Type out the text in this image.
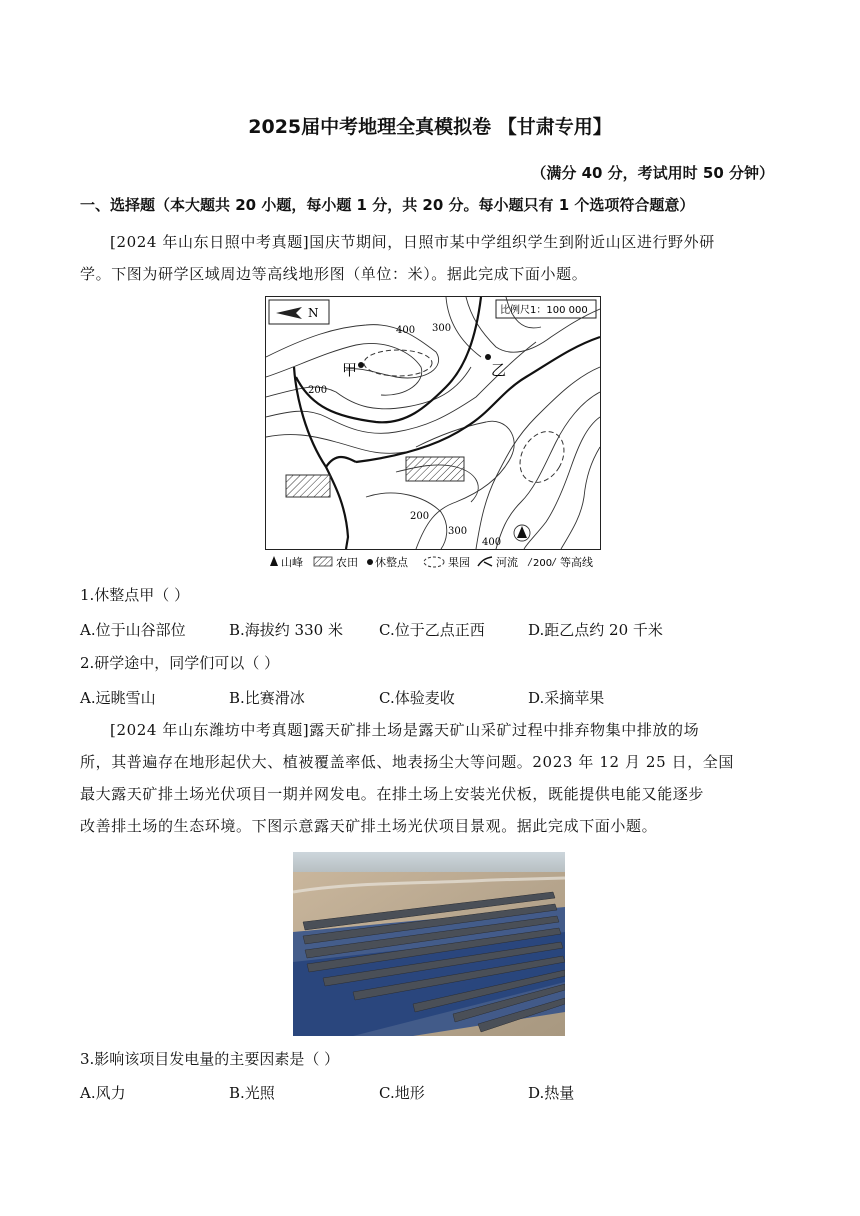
2025届中考地理全真模拟卷 【甘肃专用】
（满分 40 分，考试用时 50 分钟）
一、选择题（本大题共 20 小题，每小题 1 分，共 20 分。每小题只有 1 个选项符合题意）
[2024 年山东日照中考真题]国庆节期间，日照市某中学组织学生到附近山区进行野外研
学。下图为研学区域周边等高线地形图（单位：米）。据此完成下面小题。
N	比例尺1：100 000
甲	乙
400 300
200
200
300
400
山峰	农田 休整点	果园 河流 200 等高线
1.休整点甲（ ）
A.位于山谷部位	B.海拔约 330 米 C.位于乙点正西	D.距乙点约 20 千米
2.研学途中，同学们可以（ ）
A.远眺雪山	B.比赛滑冰	C.体验麦收	D.采摘苹果
[2024 年山东潍坊中考真题]露天矿排土场是露天矿山采矿过程中排弃物集中排放的场
所，其普遍存在地形起伏大、植被覆盖率低、地表扬尘大等问题。2023 年 12 月 25 日，全国
最大露天矿排土场光伏项目一期并网发电。在排土场上安装光伏板，既能提供电能又能逐步
改善排土场的生态环境。下图示意露天矿排土场光伏项目景观。据此完成下面小题。
3.影响该项目发电量的主要因素是（ ）
A.风力	B.光照	C.地形	D.热量
